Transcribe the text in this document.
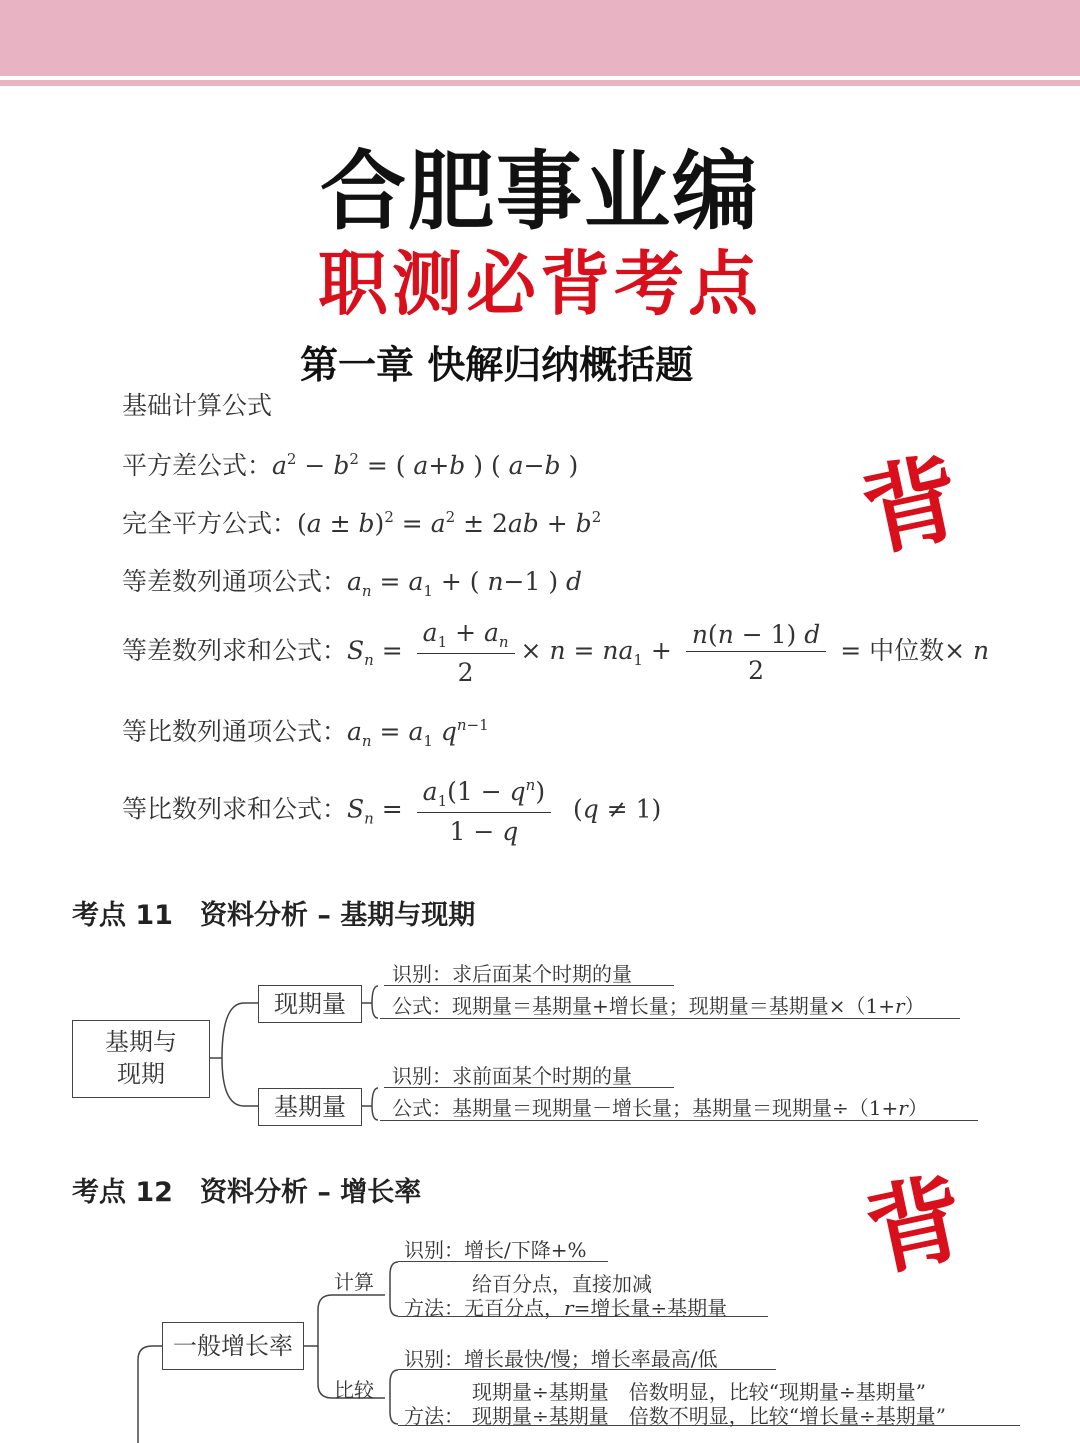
合肥事业编
职测必背考点
第一章 快解归纳概括题
基础计算公式
平方差公式：$a^2 - b^2$ = ( a+b ) ( a−b )
完全平方公式：$(a \pm b)^2 = a^2 \pm 2ab + b^2$
等差数列通项公式：$a_n = a_1$ + ( n−1 ) d
等差数列求和公式：$S_n = \frac{a_1 + a_n}{2} \times n = na_1 + \frac{n(n - 1) d}{2}$ = 中位数× n
等比数列通项公式：$a_n = a_1$ $q^{n-1}$
等比数列求和公式：$S_n = \frac{a_1(1 - q^n)}{1 - q} (q \ne 1)$
背
背
考点 11　资料分析 – 基期与现期
基期与
现期
现期量
基期量
识别：求后面某个时期的量
公式：现期量＝基期量+增长量；现期量＝基期量×（1+r）
识别：求前面某个时期的量
公式：基期量＝现期量－增长量；基期量＝现期量÷（1+r）
考点 12　资料分析 – 增长率
一般增长率
计算
识别：增长/下降+%
给百分点，直接加减
方法：无百分点，r=增长量÷基期量
比较
识别：增长最快/慢；增长率最高/低
现期量÷基期量　倍数明显，比较“现期量÷基期量”
方法： 现期量÷基期量　倍数不明显，比较“增长量÷基期量”
